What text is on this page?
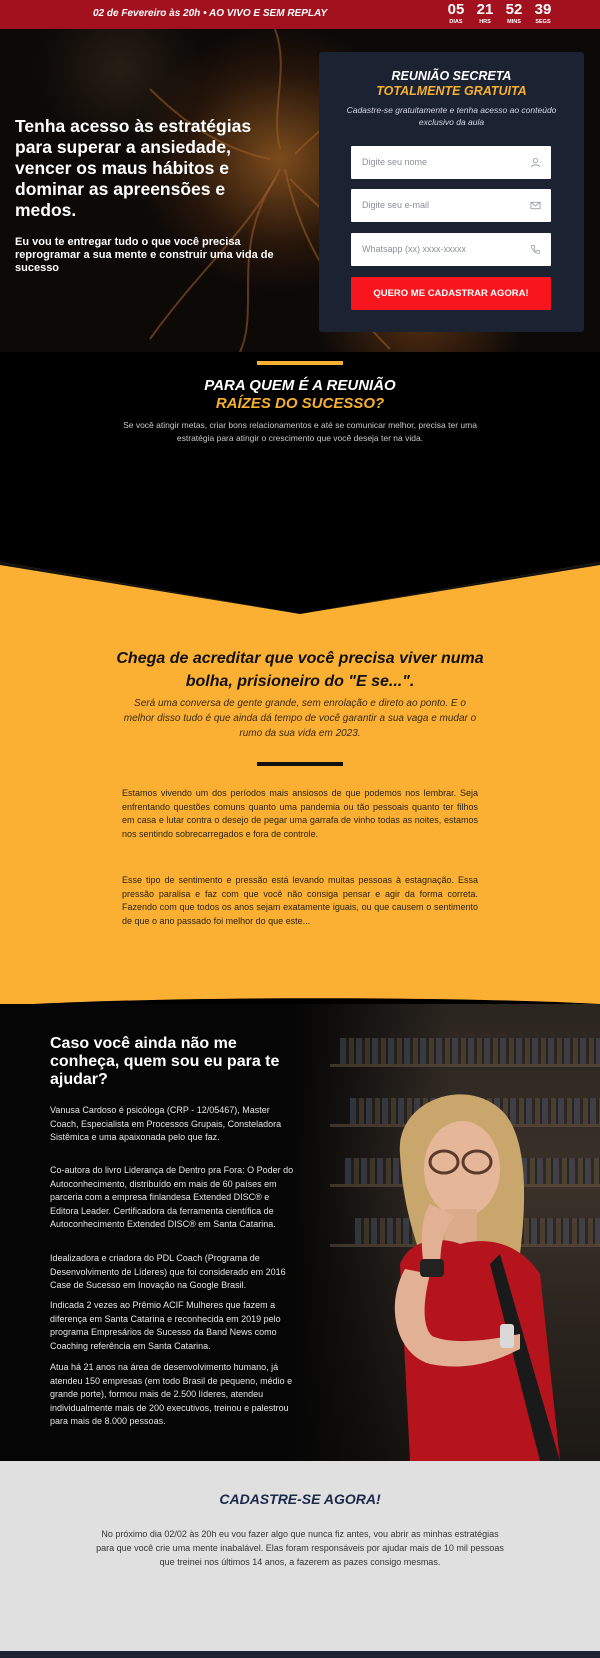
02 de Fevereiro às 20h • AO VIVO E SEM REPLAY	05
DIAS
21
HRS
52
MINS
39
SEGS
Tenha acesso às estratégias para superar a ansiedade, vencer os maus hábitos e dominar as apreensões e medos.
Eu vou te entregar tudo o que você precisa reprogramar a sua mente e construir uma vida de sucesso
REUNIÃO SECRETA
TOTALMENTE GRATUITA
Cadastre-se gratuitamente e tenha acesso ao conteúdo exclusivo da aula
Digite seu nome
Digite seu e-mail
Whatsapp (xx) xxxx-xxxxx
QUERO ME CADASTRAR AGORA!
PARA QUEM É A REUNIÃO
RAÍZES DO SUCESSO?
Se você atingir metas, criar bons relacionamentos e até se comunicar melhor, precisa ter uma estratégia para atingir o crescimento que você deseja ter na vida.
Chega de acreditar que você precisa viver numa bolha, prisioneiro do "E se...".
Será uma conversa de gente grande, sem enrolação e direto ao ponto. E o melhor disso tudo é que ainda dá tempo de você garantir a sua vaga e mudar o rumo da sua vida em 2023.
Estamos vivendo um dos períodos mais ansiosos de que podemos nos lembrar. Seja enfrentando questões comuns quanto uma pandemia ou tão pessoais quanto ter filhos em casa e lutar contra o desejo de pegar uma garrafa de vinho todas as noites, estamos nos sentindo sobrecarregados e fora de controle.
Esse tipo de sentimento e pressão está levando muitas pessoas à estagnação. Essa pressão paralisa e faz com que você não consiga pensar e agir da forma correta. Fazendo com que todos os anos sejam exatamente iguais, ou que causem o sentimento de que o ano passado foi melhor do que este...
Caso você ainda não me conheça, quem sou eu para te ajudar?
Vanusa Cardoso é psicóloga (CRP - 12/05467), Master Coach, Especialista em Processos Grupais, Consteladora Sistêmica e uma apaixonada pelo que faz.
Co-autora do livro Liderança de Dentro pra Fora: O Poder do Autoconhecimento, distribuído em mais de 60 países em parceria com a empresa finlandesa Extended DISC® e Editora Leader. Certificadora da ferramenta científica de Autoconhecimento Extended DISC® em Santa Catarina.
Idealizadora e criadora do PDL Coach (Programa de Desenvolvimento de Líderes) que foi considerado em 2016 Case de Sucesso em Inovação na Google Brasil.
Indicada 2 vezes ao Prêmio ACIF Mulheres que fazem a diferença em Santa Catarina e reconhecida em 2019 pelo programa Empresários de Sucesso da Band News como Coaching referência em Santa Catarina.
Atua há 21 anos na área de desenvolvimento humano, já atendeu 150 empresas (em todo Brasil de pequeno, médio e grande porte), formou mais de 2.500 líderes, atendeu individualmente mais de 200 executivos, treinou e palestrou para mais de 8.000 pessoas.
CADASTRE-SE AGORA!
No próximo dia 02/02 às 20h eu vou fazer algo que nunca fiz antes, vou abrir as minhas estratégias para que você crie uma mente inabalável. Elas foram responsáveis por ajudar mais de 10 mil pessoas que treinei nos últimos 14 anos, a fazerem as pazes consigo mesmas.
